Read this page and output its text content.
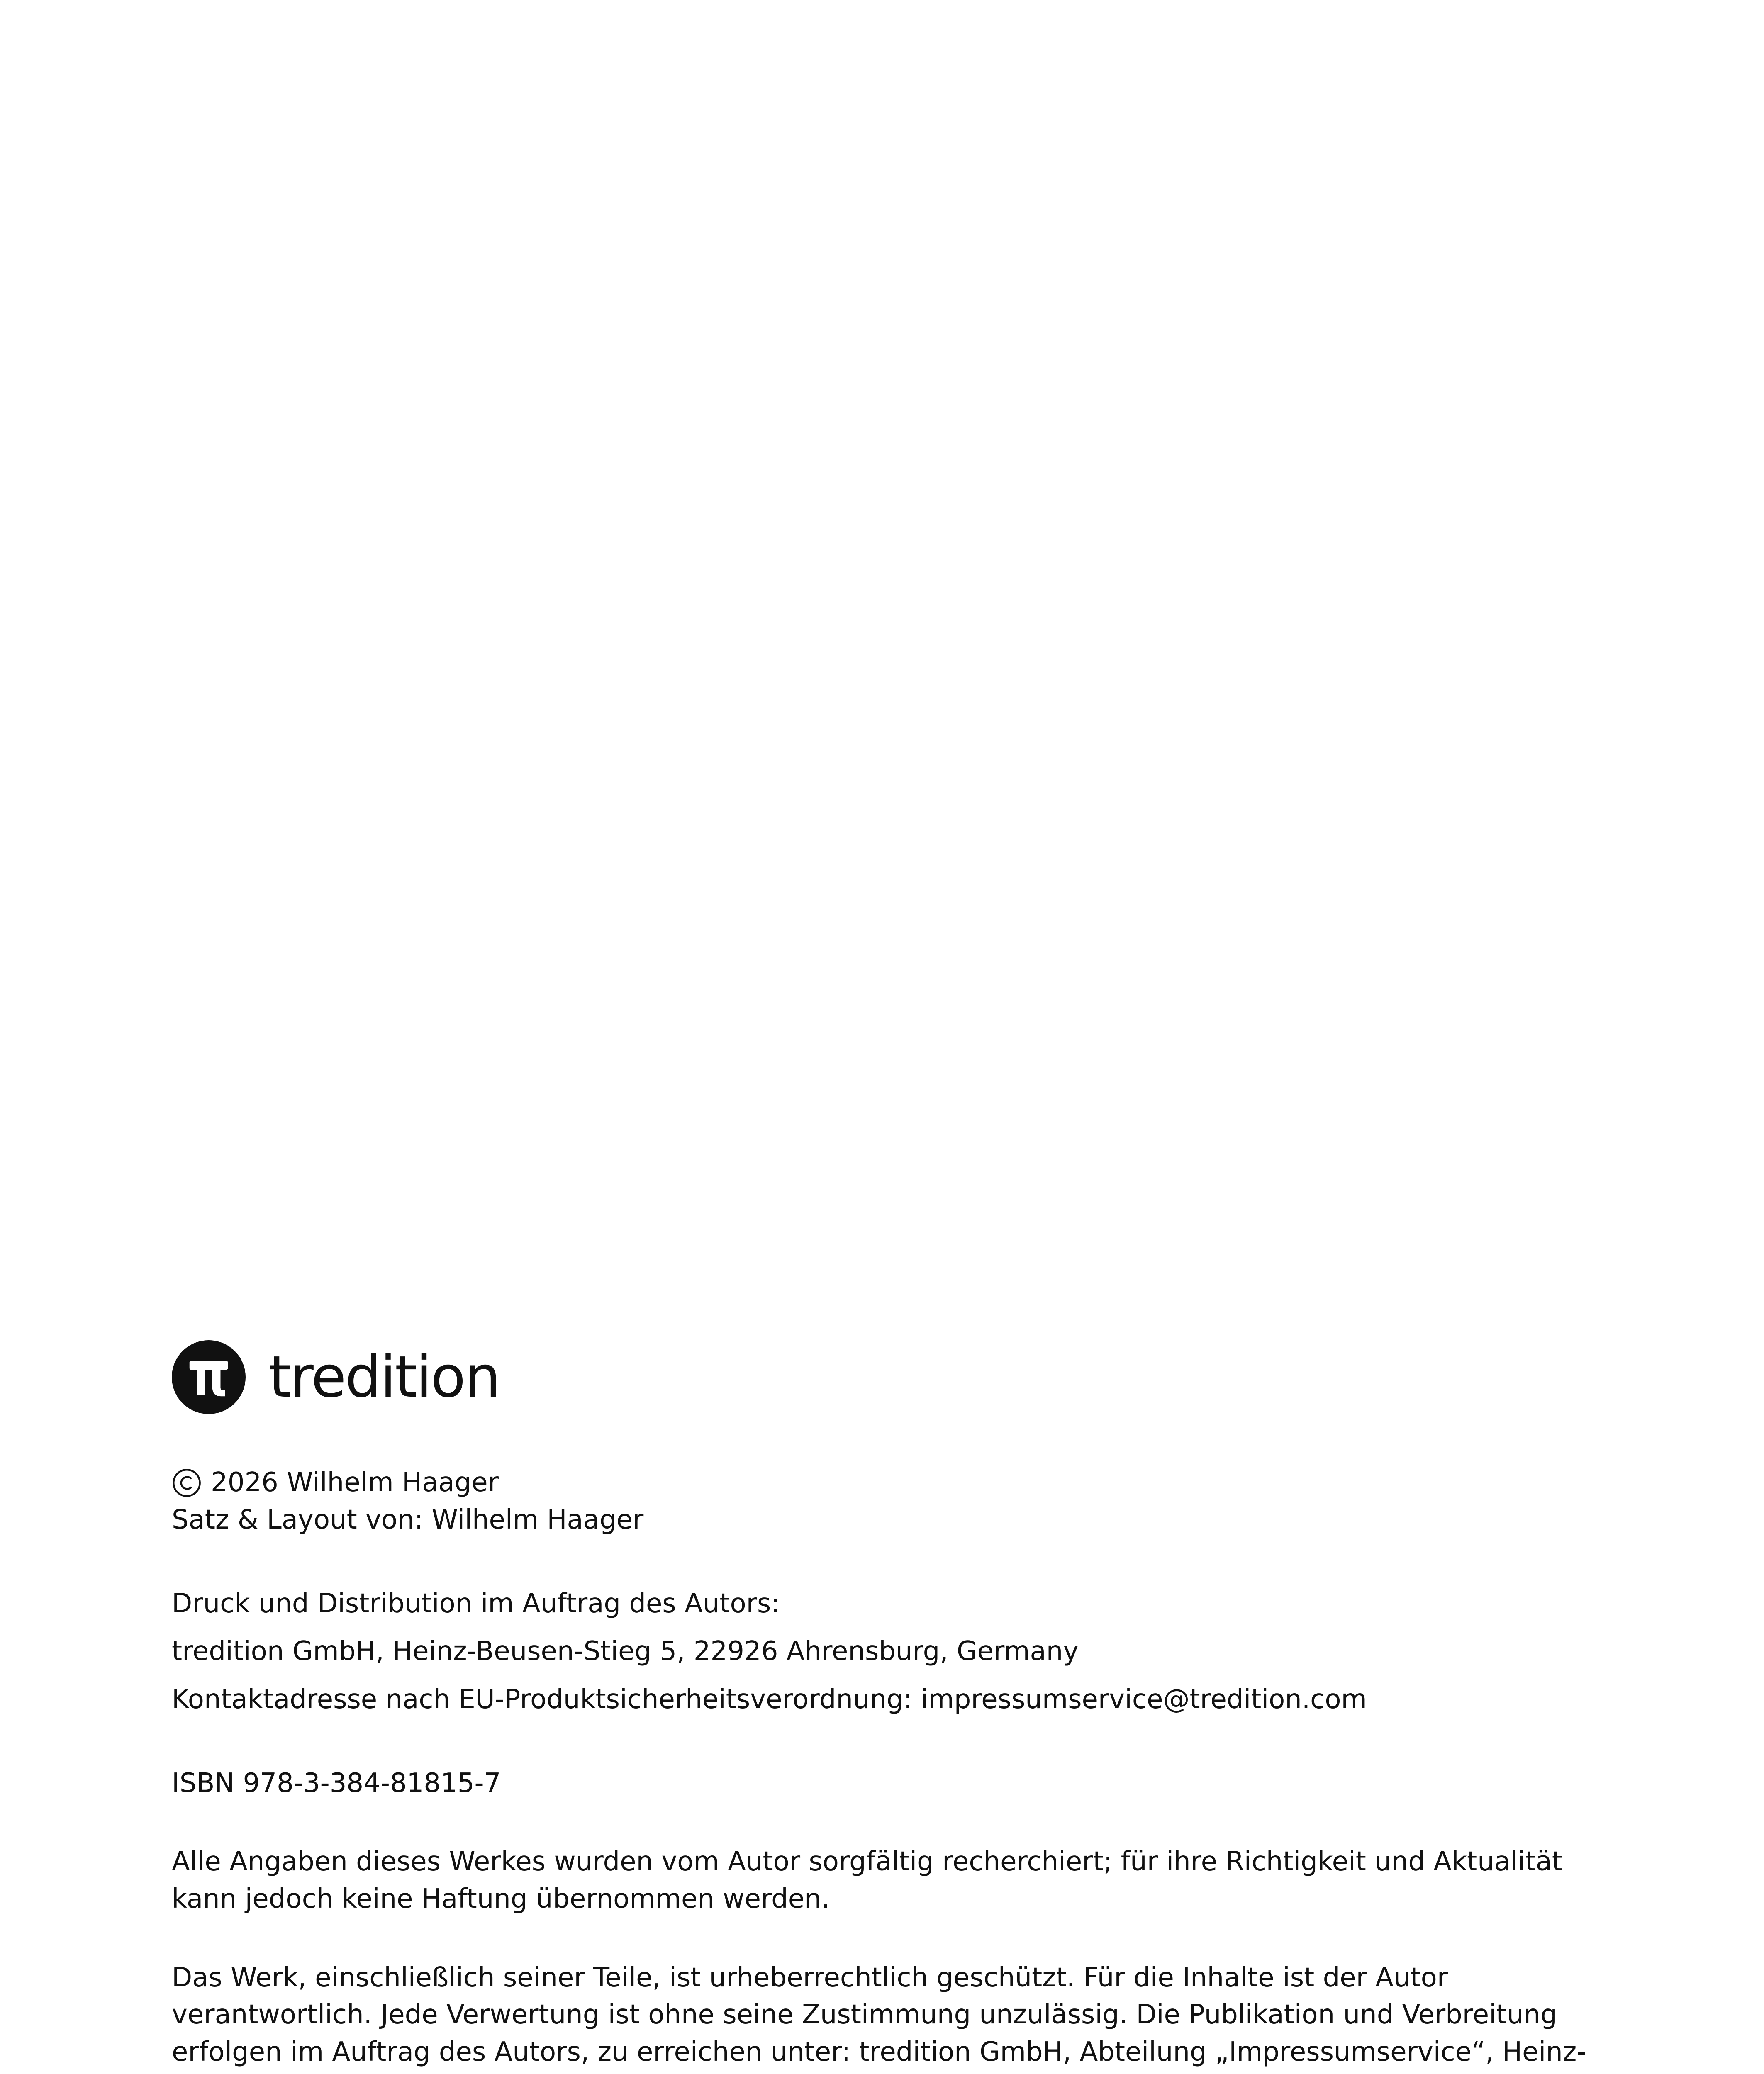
tredition
2026 Wilhelm Haager
Satz & Layout von: Wilhelm Haager
Druck und Distribution im Auftrag des Autors:
tredition GmbH, Heinz-Beusen-Stieg 5, 22926 Ahrensburg, Germany
Kontaktadresse nach EU-Produktsicherheitsverordnung: impressumservice@tredition.com
ISBN 978-3-384-81815-7
Alle Angaben dieses Werkes wurden vom Autor sorgfältig recherchiert; für ihre Richtigkeit und Aktualität kann jedoch keine Haftung übernommen werden.
Das Werk, einschließlich seiner Teile, ist urheberrechtlich geschützt. Für die Inhalte ist der Autor verantwortlich. Jede Verwertung ist ohne seine Zustimmung unzulässig. Die Publikation und Verbreitung erfolgen im Auftrag des Autors, zu erreichen unter: tredition GmbH, Abteilung „Impressumservice“, Heinz-
